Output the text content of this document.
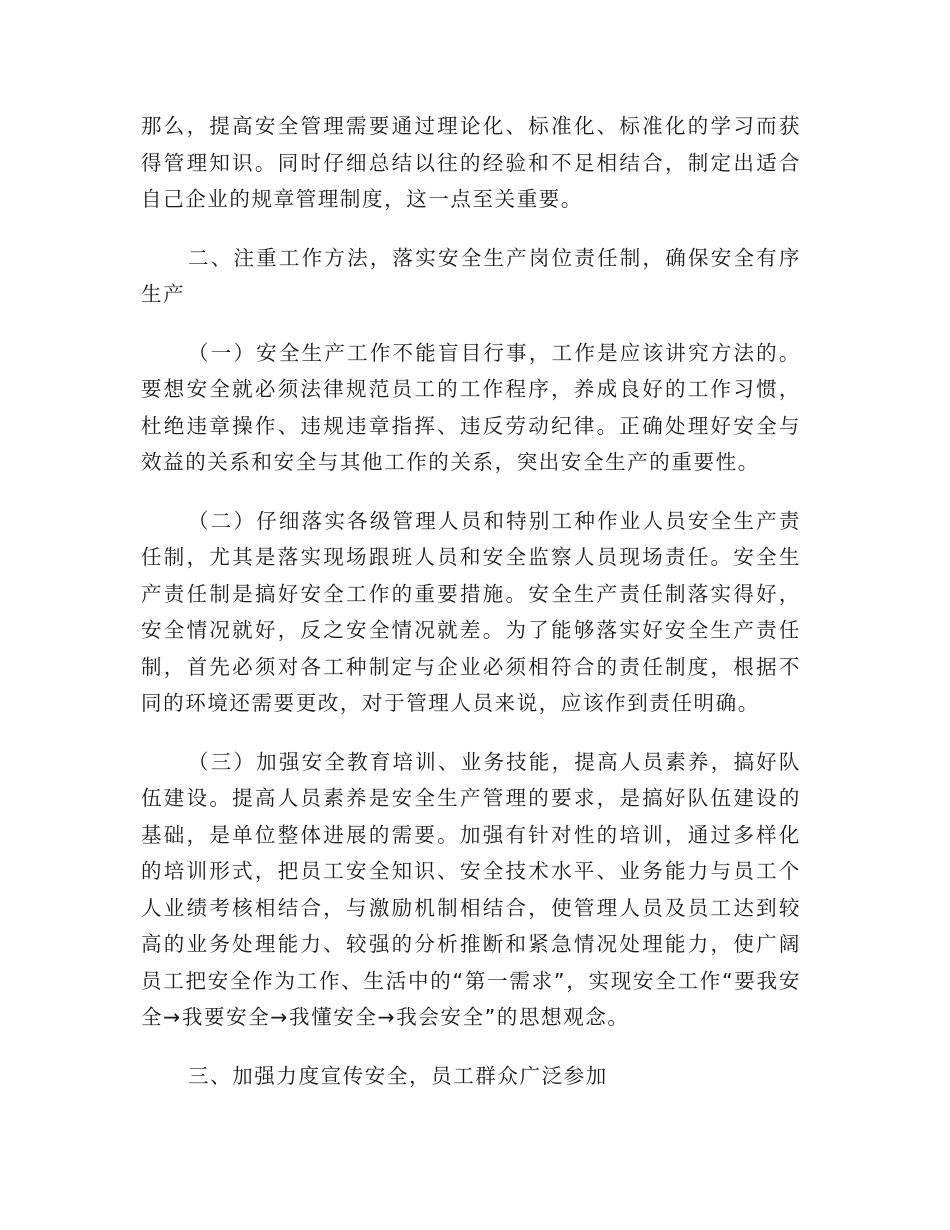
那么，提高安全管理需要通过理论化、标准化、标准化的学习而获得管理知识。同时仔细总结以往的经验和不足相结合，制定出适合自己企业的规章管理制度，这一点至关重要。

二、注重工作方法，落实安全生产岗位责任制，确保安全有序生产

（一）安全生产工作不能盲目行事，工作是应该讲究方法的。要想安全就必须法律规范员工的工作程序，养成良好的工作习惯，杜绝违章操作、违规违章指挥、违反劳动纪律。正确处理好安全与效益的关系和安全与其他工作的关系，突出安全生产的重要性。

（二）仔细落实各级管理人员和特别工种作业人员安全生产责任制，尤其是落实现场跟班人员和安全监察人员现场责任。安全生产责任制是搞好安全工作的重要措施。安全生产责任制落实得好，安全情况就好，反之安全情况就差。为了能够落实好安全生产责任制，首先必须对各工种制定与企业必须相符合的责任制度，根据不同的环境还需要更改，对于管理人员来说，应该作到责任明确。

（三）加强安全教育培训、业务技能，提高人员素养，搞好队伍建设。提高人员素养是安全生产管理的要求，是搞好队伍建设的基础，是单位整体进展的需要。加强有针对性的培训，通过多样化的培训形式，把员工安全知识、安全技术水平、业务能力与员工个人业绩考核相结合，与激励机制相结合，使管理人员及员工达到较高的业务处理能力、较强的分析推断和紧急情况处理能力，使广阔员工把安全作为工作、生活中的“第一需求”，实现安全工作“要我安全→我要安全→我懂安全→我会安全”的思想观念。

三、加强力度宣传安全，员工群众广泛参加
